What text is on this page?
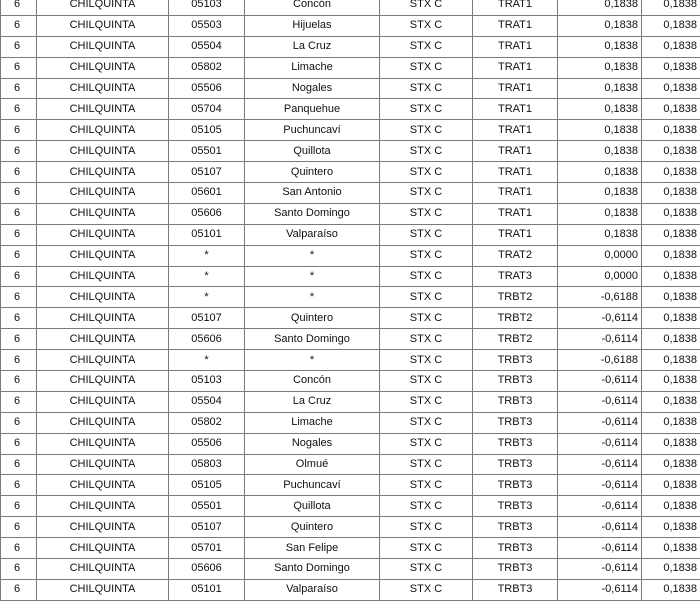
6	CHILQUINTA	05103	Concón	STX C	TRAT1	0,1838	0,1838
6	CHILQUINTA	05503	Hijuelas	STX C	TRAT1	0,1838	0,1838
6	CHILQUINTA	05504	La Cruz	STX C	TRAT1	0,1838	0,1838
6	CHILQUINTA	05802	Limache	STX C	TRAT1	0,1838	0,1838
6	CHILQUINTA	05506	Nogales	STX C	TRAT1	0,1838	0,1838
6	CHILQUINTA	05704	Panquehue	STX C	TRAT1	0,1838	0,1838
6	CHILQUINTA	05105	Puchuncaví	STX C	TRAT1	0,1838	0,1838
6	CHILQUINTA	05501	Quillota	STX C	TRAT1	0,1838	0,1838
6	CHILQUINTA	05107	Quintero	STX C	TRAT1	0,1838	0,1838
6	CHILQUINTA	05601	San Antonio	STX C	TRAT1	0,1838	0,1838
6	CHILQUINTA	05606	Santo Domingo	STX C	TRAT1	0,1838	0,1838
6	CHILQUINTA	05101	Valparaíso	STX C	TRAT1	0,1838	0,1838
6	CHILQUINTA	*	*	STX C	TRAT2	0,0000	0,1838
6	CHILQUINTA	*	*	STX C	TRAT3	0,0000	0,1838
6	CHILQUINTA	*	*	STX C	TRBT2	-0,6188	0,1838
6	CHILQUINTA	05107	Quintero	STX C	TRBT2	-0,6114	0,1838
6	CHILQUINTA	05606	Santo Domingo	STX C	TRBT2	-0,6114	0,1838
6	CHILQUINTA	*	*	STX C	TRBT3	-0,6188	0,1838
6	CHILQUINTA	05103	Concón	STX C	TRBT3	-0,6114	0,1838
6	CHILQUINTA	05504	La Cruz	STX C	TRBT3	-0,6114	0,1838
6	CHILQUINTA	05802	Limache	STX C	TRBT3	-0,6114	0,1838
6	CHILQUINTA	05506	Nogales	STX C	TRBT3	-0,6114	0,1838
6	CHILQUINTA	05803	Olmué	STX C	TRBT3	-0,6114	0,1838
6	CHILQUINTA	05105	Puchuncaví	STX C	TRBT3	-0,6114	0,1838
6	CHILQUINTA	05501	Quillota	STX C	TRBT3	-0,6114	0,1838
6	CHILQUINTA	05107	Quintero	STX C	TRBT3	-0,6114	0,1838
6	CHILQUINTA	05701	San Felipe	STX C	TRBT3	-0,6114	0,1838
6	CHILQUINTA	05606	Santo Domingo	STX C	TRBT3	-0,6114	0,1838
6	CHILQUINTA	05101	Valparaíso	STX C	TRBT3	-0,6114	0,1838
